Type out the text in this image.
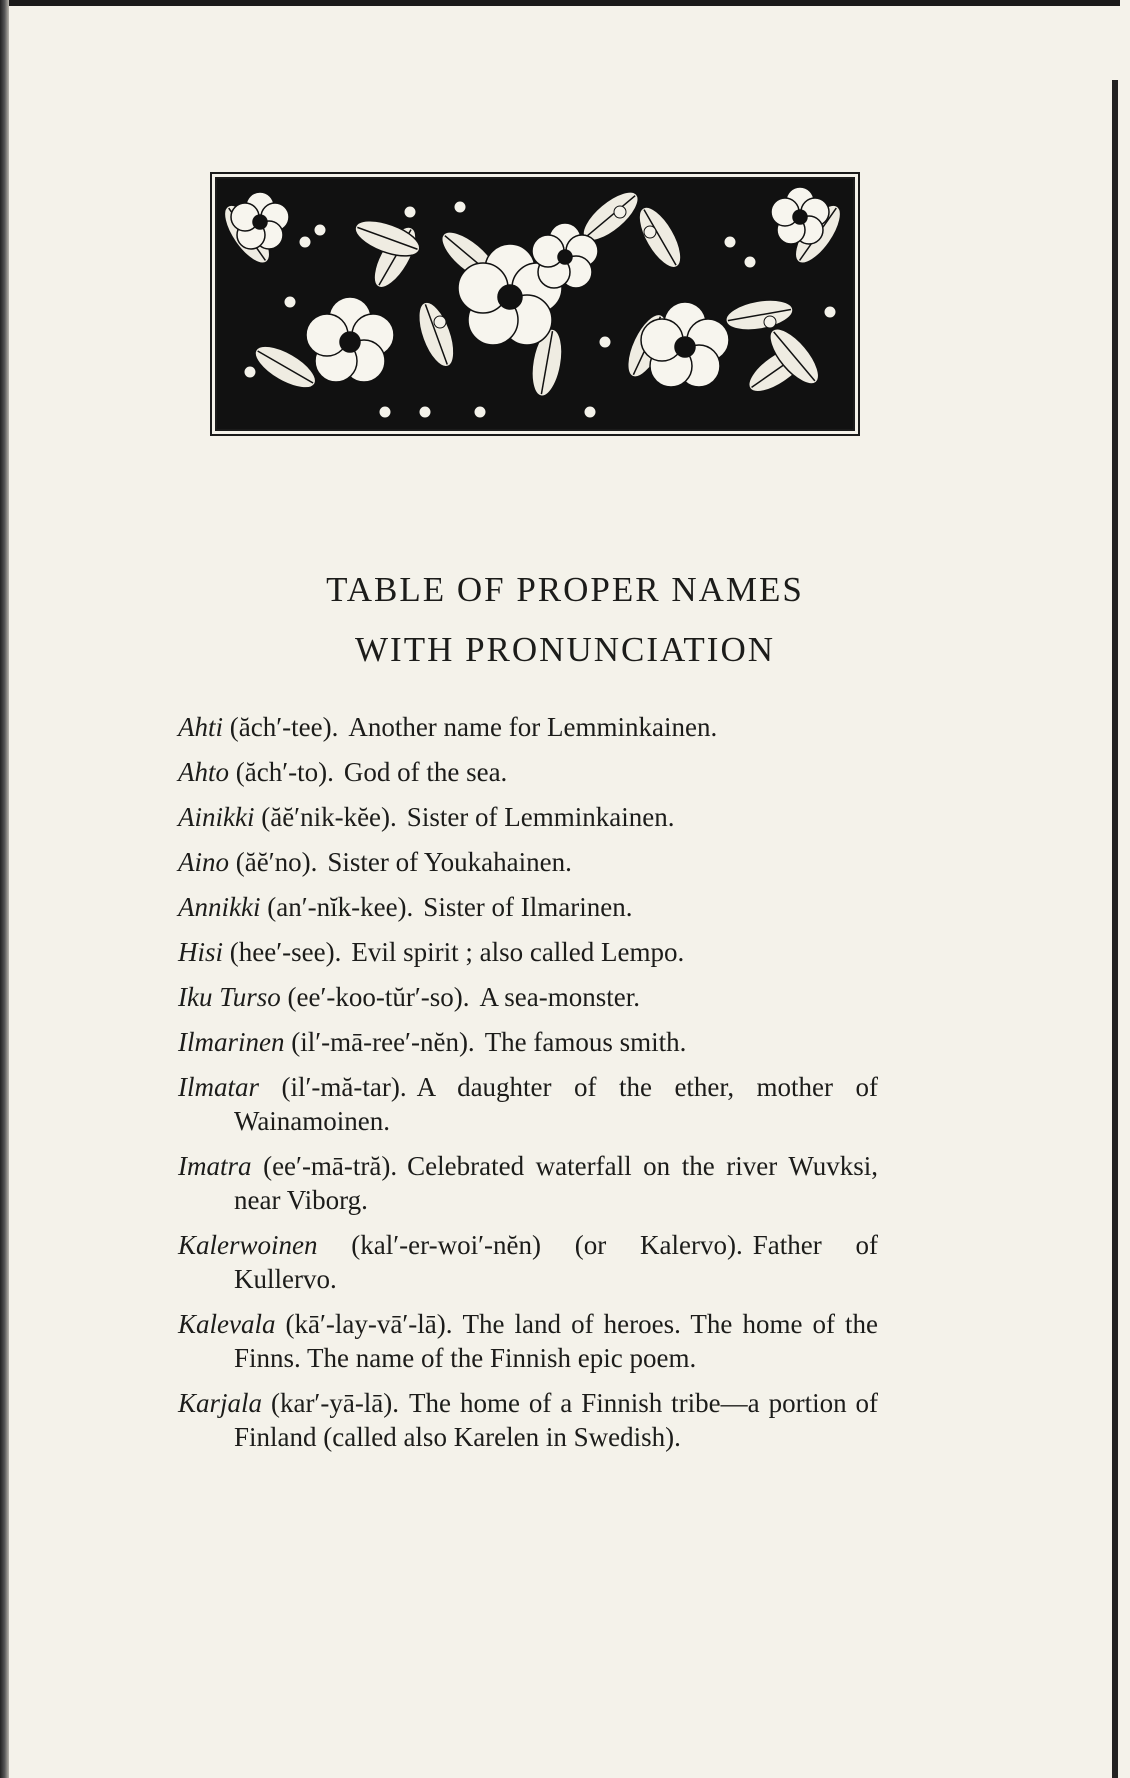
TABLE OF PROPER NAMES
WITH PRONUNCIATION
Ahti (ăch′-tee). Another name for Lemminkainen.
Ahto (ăch′-to). God of the sea.
Ainikki (ăĕ′nik-kĕe). Sister of Lemminkainen.
Aino (ăĕ′no). Sister of Youkahainen.
Annikki (an′-nĭk-kee). Sister of Ilmarinen.
Hisi (hee′-see). Evil spirit ; also called Lempo.
Iku Turso (ee′-koo-tŭr′-so). A sea-monster.
Ilmarinen (il′-mā-ree′-nĕn). The famous smith.
Ilmatar (il′-mă-tar). A daughter of the ether, mother of Wainamoinen.
Imatra (ee′-mā-tră). Celebrated waterfall on the river Wuvksi, near Viborg.
Kalerwoinen (kal′-er-woi′-nĕn) (or Kalervo). Father of Kullervo.
Kalevala (kā′-lay-vā′-lā). The land of heroes. The home of the Finns. The name of the Finnish epic poem.
Karjala (kar′-yā-lā). The home of a Finnish tribe—a portion of Finland (called also Karelen in Swedish).
